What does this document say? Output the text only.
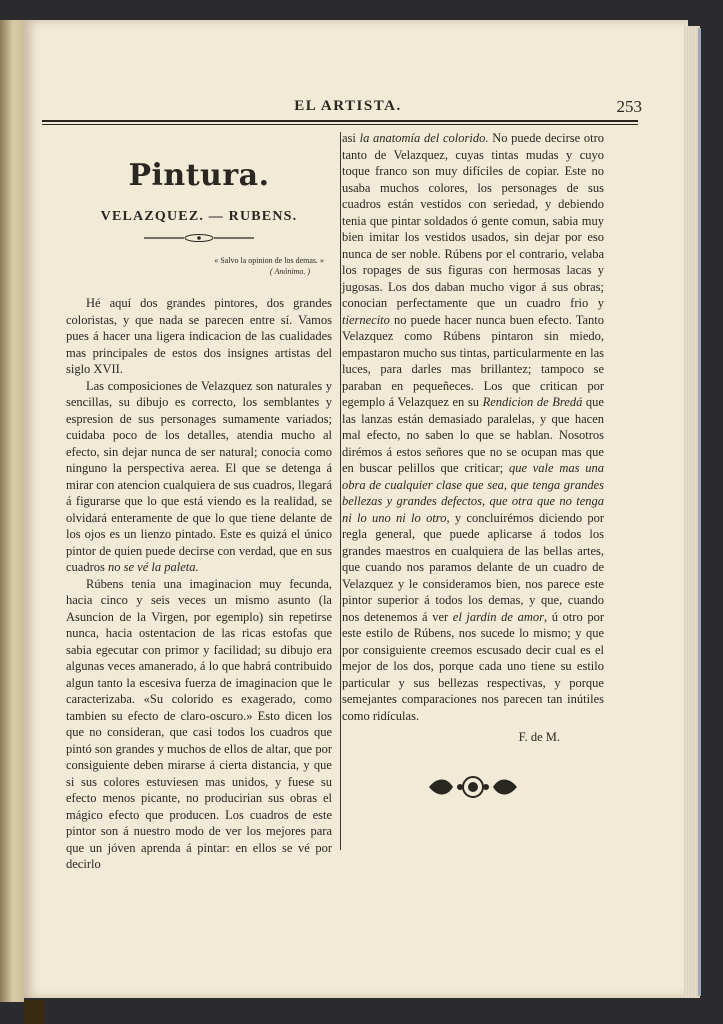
EL ARTISTA.	253
Pintura.
VELAZQUEZ. — RUBENS.
« Salvo la opinion de los demas. »
( Anónimo. )

Hé aquí dos grandes pintores, dos grandes coloristas, y que nada se parecen entre sí. Vamos pues á hacer una ligera indicacion de las cualidades mas principales de estos dos insignes artistas del siglo XVII.

Las composiciones de Velazquez son naturales y sencillas, su dibujo es correcto, los semblantes y espresion de sus personages sumamente variados; cuidaba poco de los detalles, atendia mucho al efecto, sin dejar nunca de ser natural; conocia como ninguno la perspectiva aerea. El que se detenga á mirar con atencion cualquiera de sus cuadros, llegará á figurarse que lo que está viendo es la realidad, se olvidará enteramente de que lo que tiene delante de los ojos es un lienzo pintado. Este es quizá el único pintor de quien puede decirse con verdad, que en sus cuadros no se vé la paleta.

Rúbens tenia una imaginacion muy fecunda, hacia cinco y seis veces un mismo asunto (la Asuncion de la Virgen, por egemplo) sin repetirse nunca, hacia ostentacion de las ricas estofas que sabia egecutar con primor y facilidad; su dibujo era algunas veces amanerado, á lo que habrá contribuido algun tanto la escesiva fuerza de imaginacion que le caracterizaba. «Su colorido es exagerado, como tambien su efecto de claro-oscuro.» Esto dicen los que no consideran, que casi todos los cuadros que pintó son grandes y muchos de ellos de altar, que por consiguiente deben mirarse á cierta distancia, y que si sus colores estuviesen mas unidos, y fuese su efecto menos picante, no producirian sus obras el mágico efecto que producen. Los cuadros de este pintor son á nuestro modo de ver los mejores para que un jóven aprenda á pintar: en ellos se vé por decirlo

asi la anatomía del colorido. No puede decirse otro tanto de Velazquez, cuyas tintas mudas y cuyo toque franco son muy difíciles de copiar. Este no usaba muchos colores, los personages de sus cuadros están vestidos con seriedad, y debiendo tenia que pintar soldados ó gente comun, sabia muy bien imitar los vestidos usados, sin dejar por eso nunca de ser noble. Rúbens por el contrario, velaba los ropages de sus figuras con hermosas lacas y jugosas. Los dos daban mucho vigor á sus obras; conocian perfectamente que un cuadro frio y tiernecito no puede hacer nunca buen efecto. Tanto Velazquez como Rúbens pintaron sin miedo, empastaron mucho sus tintas, particularmente en las luces, para darles mas brillantez; tampoco se paraban en pequeñeces. Los que critican por egemplo á Velazquez en su Rendicion de Bredá que las lanzas están demasiado paralelas, y que hacen mal efecto, no saben lo que se hablan. Nosotros dirémos á estos señores que no se ocupan mas que en buscar pelillos que criticar; que vale mas una obra de cualquier clase que sea, que tenga grandes bellezas y grandes defectos, que otra que no tenga ni lo uno ni lo otro, y concluirémos diciendo por regla general, que puede aplicarse á todos los grandes maestros en cualquiera de las bellas artes, que cuando nos paramos delante de un cuadro de Velazquez y le consideramos bien, nos parece este pintor superior á todos los demas, y que, cuando nos detenemos á ver el jardin de amor, ú otro por este estilo de Rúbens, nos sucede lo mismo; y que por consiguiente creemos escusado decir cual es el mejor de los dos, porque cada uno tiene su estilo particular y sus bellezas respectivas, y porque semejantes comparaciones nos parecen tan inútiles como ridículas.

F. de M.
